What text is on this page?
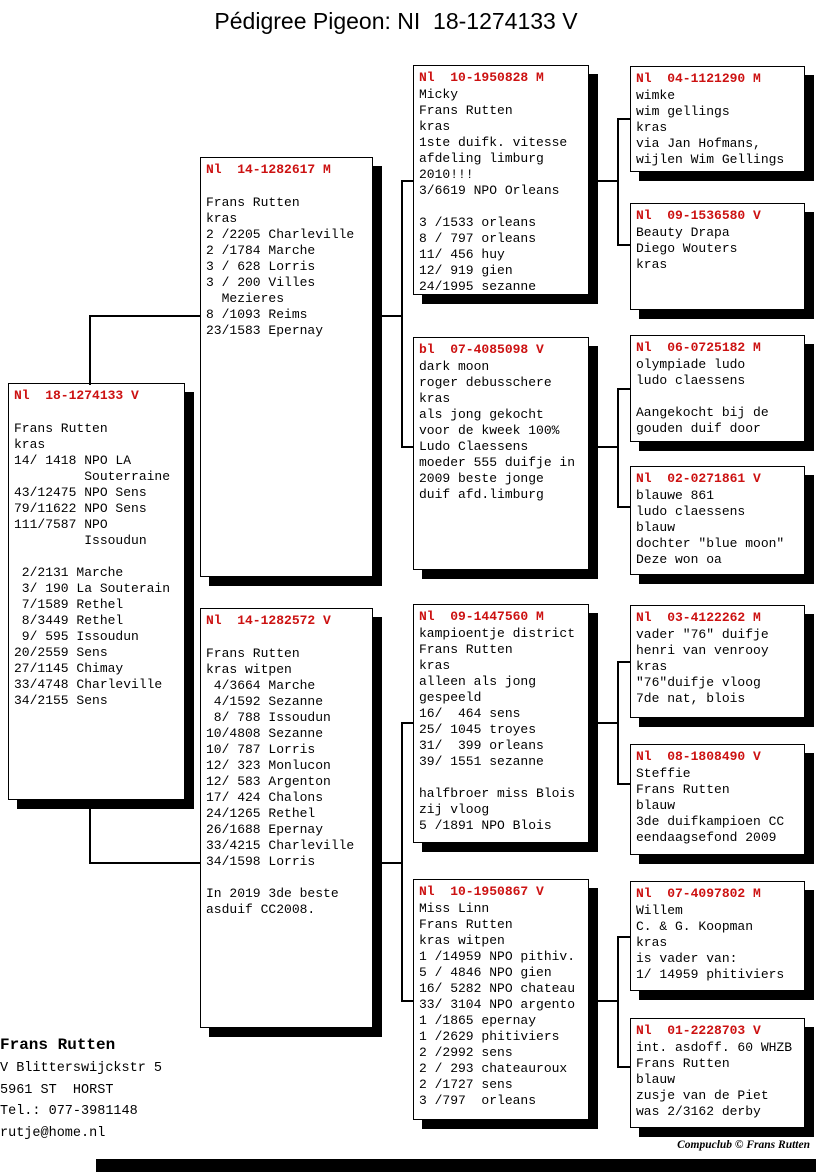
Pédigree Pigeon: NI  18-1274133 V
Nl  18-1274133 V

Frans Rutten
kras
14/ 1418 NPO LA
Souterraine
43/12475 NPO Sens
79/11622 NPO Sens
111/7587 NPO
Issoudun

2/2131 Marche
3/ 190 La Souterain
7/1589 Rethel
8/3449 Rethel
9/ 595 Issoudun
20/2559 Sens
27/1145 Chimay
33/4748 Charleville
34/2155 Sens
Nl  14-1282617 M

Frans Rutten
kras
2 /2205 Charleville
2 /1784 Marche
3 / 628 Lorris
3 / 200 Villes
Mezieres
8 /1093 Reims
23/1583 Epernay
Nl  14-1282572 V

Frans Rutten
kras witpen
4/3664 Marche
4/1592 Sezanne
8/ 788 Issoudun
10/4808 Sezanne
10/ 787 Lorris
12/ 323 Monlucon
12/ 583 Argenton
17/ 424 Chalons
24/1265 Rethel
26/1688 Epernay
33/4215 Charleville
34/1598 Lorris

In 2019 3de beste
asduif CC2008.
Nl  10-1950828 M
Micky
Frans Rutten
kras
1ste duifk. vitesse
afdeling limburg
2010!!!
3/6619 NPO Orleans

3 /1533 orleans
8 / 797 orleans
11/ 456 huy
12/ 919 gien
24/1995 sezanne
bl  07-4085098 V
dark moon
roger debusschere
kras
als jong gekocht
voor de kweek 100%
Ludo Claessens
moeder 555 duifje in
2009 beste jonge
duif afd.limburg
Nl  09-1447560 M
kampioentje district
Frans Rutten
kras
alleen als jong
gespeeld
16/  464 sens
25/ 1045 troyes
31/  399 orleans
39/ 1551 sezanne

halfbroer miss Blois
zij vloog
5 /1891 NPO Blois
Nl  10-1950867 V
Miss Linn
Frans Rutten
kras witpen
1 /14959 NPO pithiv.
5 / 4846 NPO gien
16/ 5282 NPO chateau
33/ 3104 NPO argento
1 /1865 epernay
1 /2629 phitiviers
2 /2992 sens
2 / 293 chateauroux
2 /1727 sens
3 /797  orleans
Nl  04-1121290 M
wimke
wim gellings
kras
via Jan Hofmans,
wijlen Wim Gellings
Nl  09-1536580 V
Beauty Drapa
Diego Wouters
kras
Nl  06-0725182 M
olympiade ludo
ludo claessens

Aangekocht bij de
gouden duif door
Nl  02-0271861 V
blauwe 861
ludo claessens
blauw
dochter "blue moon"
Deze won oa
Nl  03-4122262 M
vader "76" duifje
henri van venrooy
kras
"76"duifje vloog
7de nat, blois
Nl  08-1808490 V
Steffie
Frans Rutten
blauw
3de duifkampioen CC
eendaagsefond 2009
Nl  07-4097802 M
Willem
C. & G. Koopman
kras
is vader van:
1/ 14959 phitiviers
Nl  01-2228703 V
int. asdoff. 60 WHZB
Frans Rutten
blauw
zusje van de Piet
was 2/3162 derby
Frans Rutten
V Blitterswijckstr 5
5961 ST  HORST
Tel.: 077-3981148
rutje@home.nl
Compuclub © Frans Rutten
